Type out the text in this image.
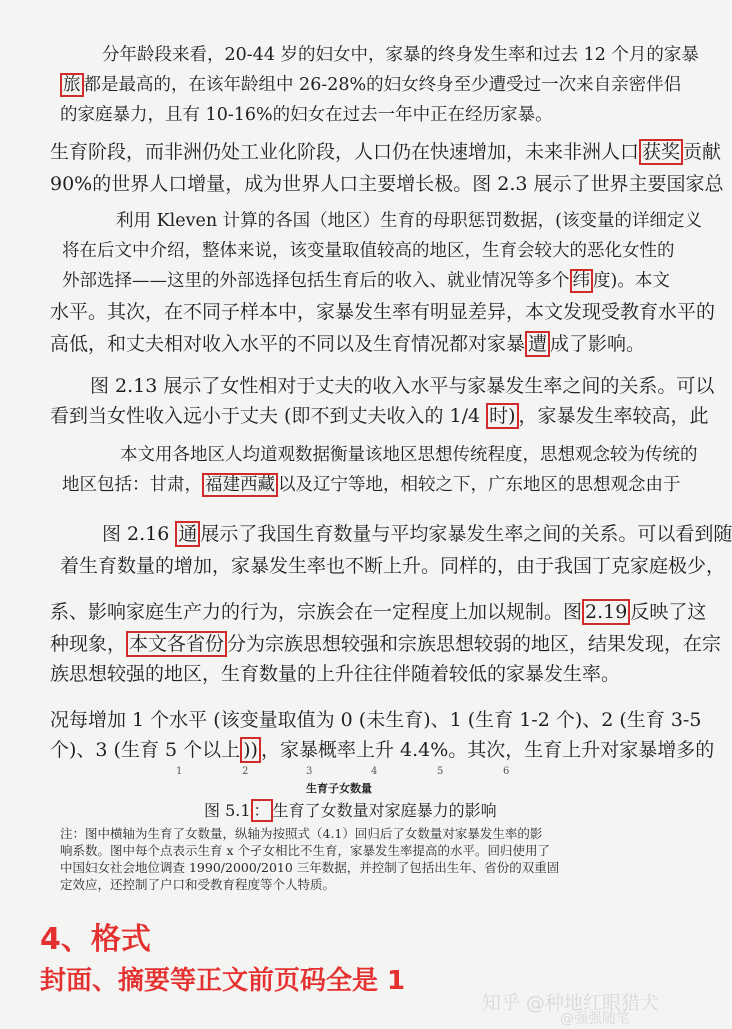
分年龄段来看，20-44 岁的妇女中，家暴的终身发生率和过去 12 个月的家暴
旅 都是最高的，在该年龄组中 26-28%的妇女终身至少遭受过一次来自亲密伴侣
的家庭暴力，且有 10-16%的妇女在过去一年中正在经历家暴。
生育阶段，而非洲仍处工业化阶段，人口仍在快速增加，未来非洲人口 获奖 贡献
90%的世界人口增量，成为世界人口主要增长极。图 2.3 展示了世界主要国家总
利用 Kleven 计算的各国（地区）生育的母职惩罚数据，(该变量的详细定义
将在后文中介绍，整体来说，该变量取值较高的地区，生育会较大的恶化女性的
外部选择——这里的外部选择包括生育后的收入、就业情况等多个 纬 度)。本文
水平。其次，在不同子样本中，家暴发生率有明显差异，本文发现受教育水平的
高低，和丈夫相对收入水平的不同以及生育情况都对家暴 遭 成了影响。
图 2.13 展示了女性相对于丈夫的收入水平与家暴发生率之间的关系。可以
看到当女性收入远小于丈夫 (即不到丈夫收入的 1/4 时) ，家暴发生率较高，此
本文用各地区人均道观数据衡量该地区思想传统程度，思想观念较为传统的
地区包括：甘肃， 福建西藏 以及辽宁等地，相较之下，广东地区的思想观念由于
图 2.16 通 展示了我国生育数量与平均家暴发生率之间的关系。可以看到随
着生育数量的增加，家暴发生率也不断上升。同样的，由于我国丁克家庭极少，
系、影响家庭生产力的行为，宗族会在一定程度上加以规制。图 2.19 反映了这
种现象， 本文各省份 分为宗族思想较强和宗族思想较弱的地区，结果发现，在宗
族思想较强的地区，生育数量的上升往往伴随着较低的家暴发生率。
况每增加 1 个水平 (该变量取值为 0 (未生育)、1 (生育 1-2 个)、2 (生育 3-5
个)、3 (生育 5 个以上 )) ，家暴概率上升 4.4%。其次，生育上升对家暴增多的
1	2	3	4	5	6
生育子女数量
图 5.1 ： 生育了女数量对家庭暴力的影响
注：图中横轴为生育了女数量，纵轴为按照式（4.1）回归后了女数量对家暴发生率的影
响系数。图中每个点表示生育 x 个孑女相比不生育，家暴发生率提高的水平。回归使用了
中国妇女社会地位调查 1990/2000/2010 三年数据，并控制了包括出生年、省份的双重固
定效应，还控制了户口和受教育程度等个人特质。
4、格式
封面、摘要等正文前页码全是 1
知乎 @种地红眼猎犬
@强强随笔
